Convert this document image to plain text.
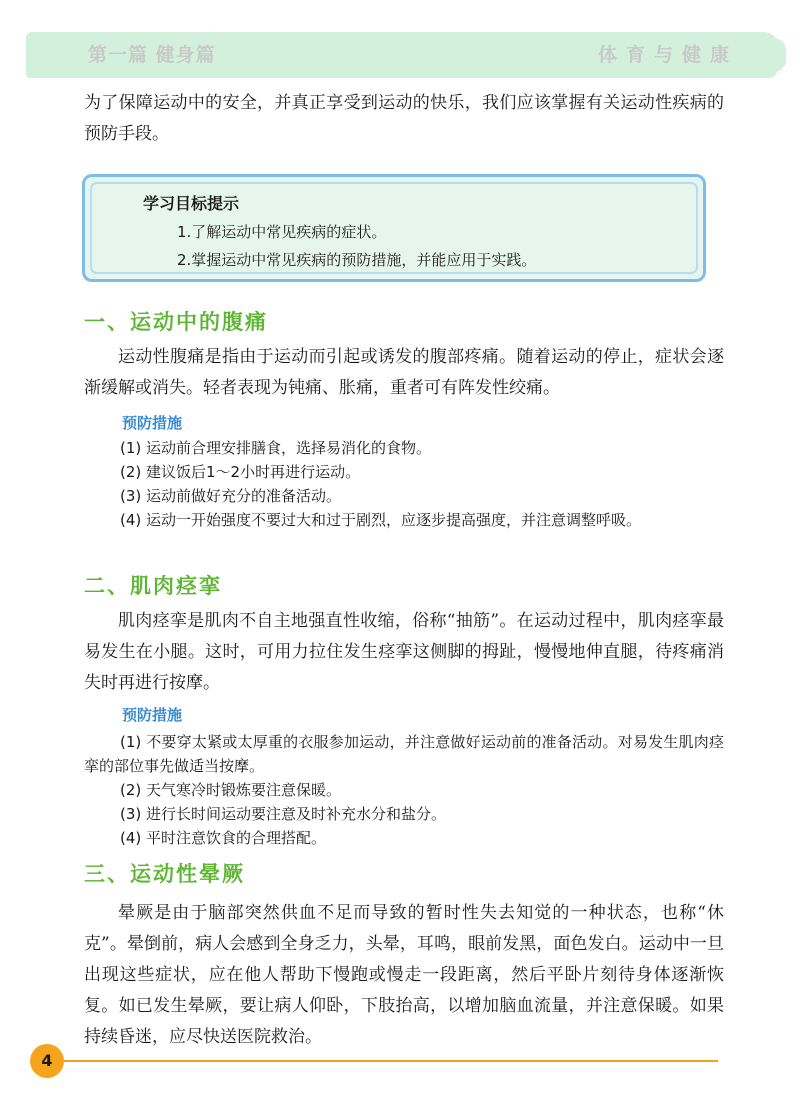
第一篇 健身篇	体育与健康

为了保障运动中的安全，并真正享受到运动的快乐，我们应该掌握有关运动性疾病的预防手段。

学习目标提示
1.了解运动中常见疾病的症状。
2.掌握运动中常见疾病的预防措施，并能应用于实践。
一、运动中的腹痛

运动性腹痛是指由于运动而引起或诱发的腹部疼痛。随着运动的停止，症状会逐渐缓解或消失。轻者表现为钝痛、胀痛，重者可有阵发性绞痛。

预防措施
(1) 运动前合理安排膳食，选择易消化的食物。
(2) 建议饭后1～2小时再进行运动。
(3) 运动前做好充分的准备活动。
(4) 运动一开始强度不要过大和过于剧烈，应逐步提高强度，并注意调整呼吸。
二、肌肉痉挛

肌肉痉挛是肌肉不自主地强直性收缩，俗称“抽筋”。在运动过程中，肌肉痉挛最易发生在小腿。这时，可用力拉住发生痉挛这侧脚的拇趾，慢慢地伸直腿，待疼痛消失时再进行按摩。

预防措施
(1) 不要穿太紧或太厚重的衣服参加运动，并注意做好运动前的准备活动。对易发生肌肉痉挛的部位事先做适当按摩。
(2) 天气寒冷时锻炼要注意保暖。
(3) 进行长时间运动要注意及时补充水分和盐分。
(4) 平时注意饮食的合理搭配。
三、运动性晕厥

晕厥是由于脑部突然供血不足而导致的暂时性失去知觉的一种状态，也称“休克”。晕倒前，病人会感到全身乏力，头晕，耳鸣，眼前发黑，面色发白。运动中一旦出现这些症状，应在他人帮助下慢跑或慢走一段距离，然后平卧片刻待身体逐渐恢复。如已发生晕厥，要让病人仰卧，下肢抬高，以增加脑血流量，并注意保暖。如果持续昏迷，应尽快送医院救治。

4
